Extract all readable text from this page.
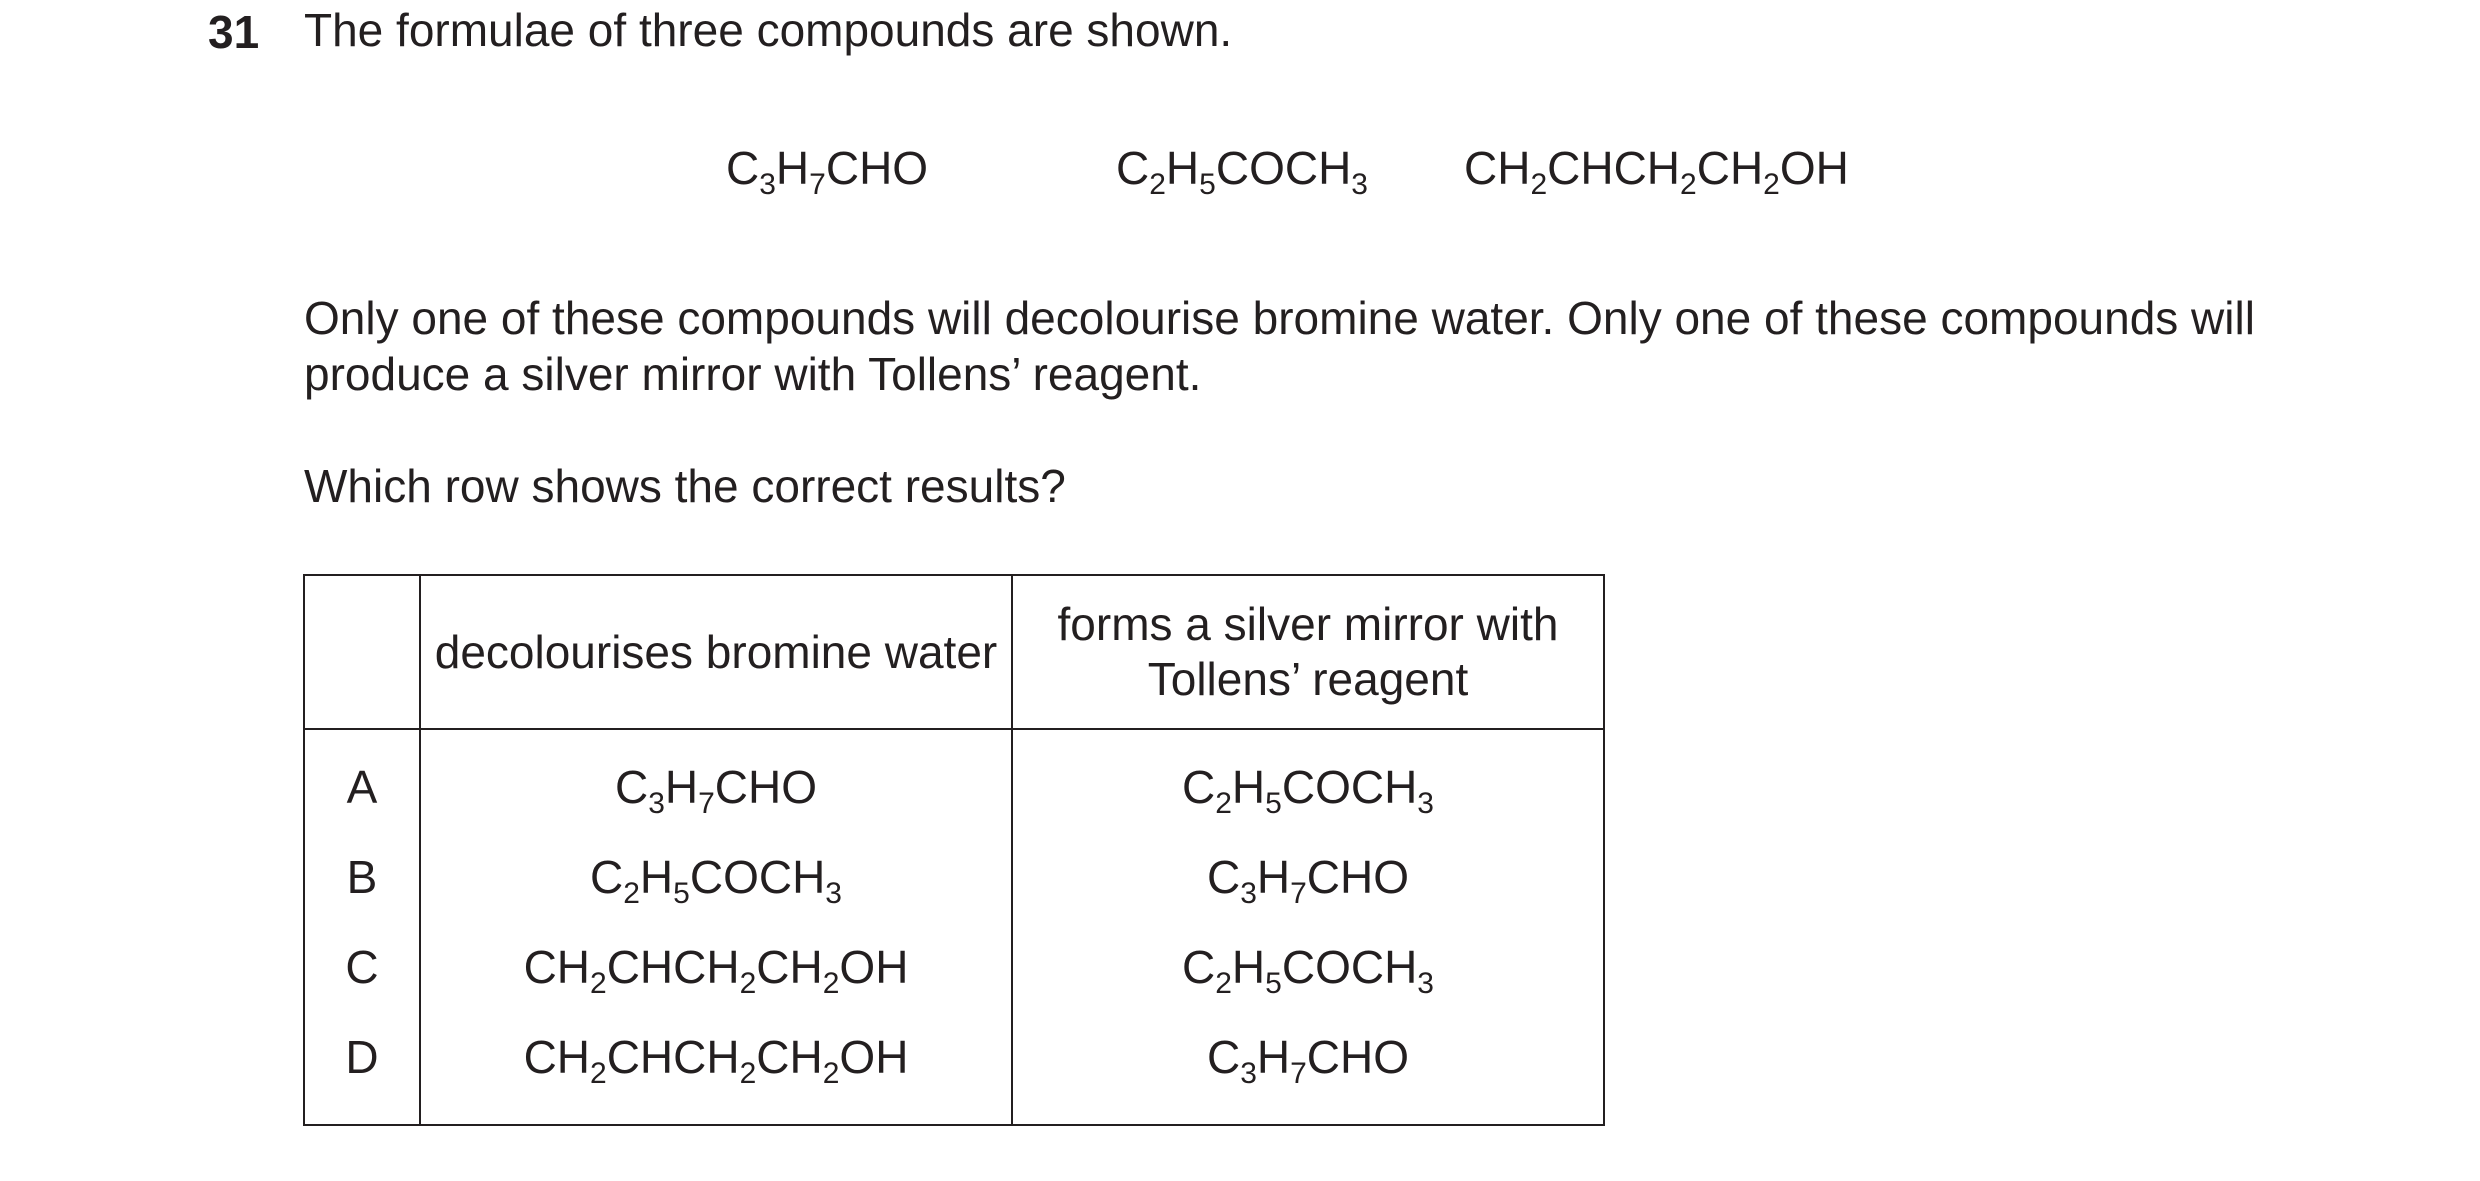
31 The formulae of three compounds are shown.
$C_3H_7CHO$	$C_2H_5COCH_3$ $CH_2CHCH_2CH_2OH$
Only one of these compounds will decolourise bromine water. Only one of these compounds will produce a silver mirror with Tollens’ reagent.
Which row shows the correct results?
	decolourises bromine water	forms a silver mirror with
Tollens’ reagent

A	$C_3H_7CHO$	$C_2H_5COCH_3$
B	$C_2H_5COCH_3$	$C_3H_7CHO$
C	$CH_2CHCH_2CH_2OH$	$C_2H_5COCH_3$
D	$CH_2CHCH_2CH_2OH$	$C_3H_7CHO$
